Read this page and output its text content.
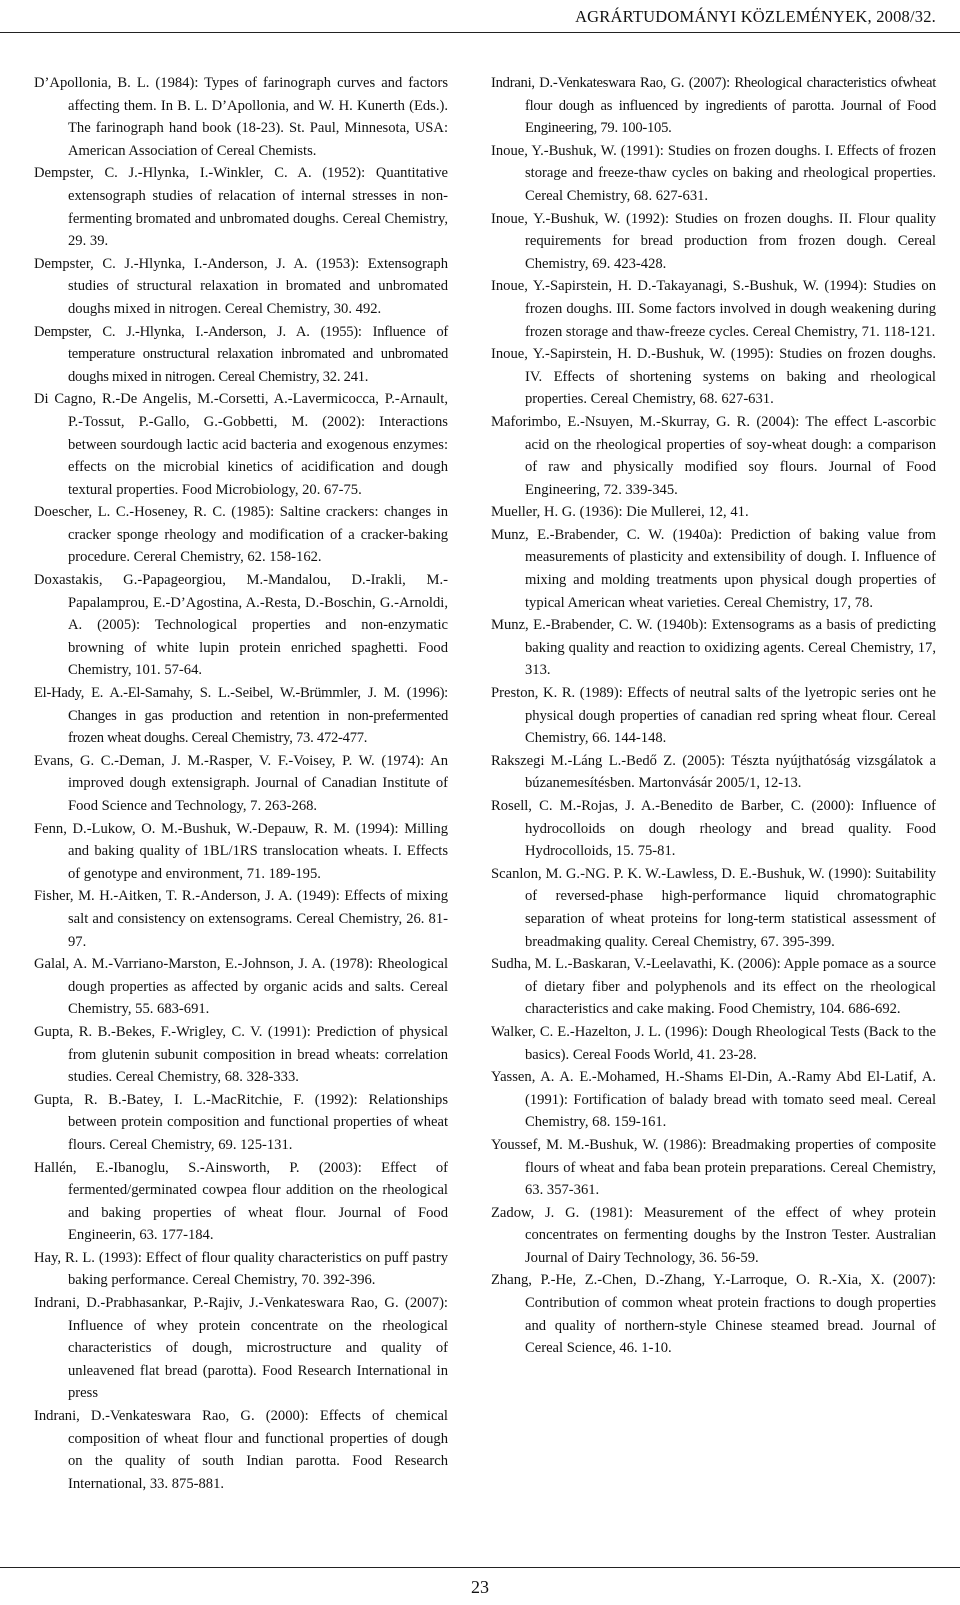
AGRÁRTUDOMÁNYI KÖZLEMÉNYEK, 2008/32.

D’Apollonia, B. L. (1984): Types of farinograph curves and factors affecting them. In B. L. D’Apollonia, and W. H. Kunerth (Eds.). The farinograph hand book (18-23). St. Paul, Minnesota, USA: American Association of Cereal Chemists.

Dempster, C. J.-Hlynka, I.-Winkler, C. A. (1952): Quantitative extensograph studies of relacation of internal stresses in non-fermenting bromated and unbromated doughs. Cereal Chemistry, 29. 39.

Dempster, C. J.-Hlynka, I.-Anderson, J. A. (1953): Extensograph studies of structural relaxation in bromated and unbromated doughs mixed in nitrogen. Cereal Chemistry, 30. 492.

Dempster, C. J.-Hlynka, I.-Anderson, J. A. (1955): Influence of temperature onstructural relaxation inbromated and unbromated doughs mixed in nitrogen. Cereal Chemistry, 32. 241.

Di Cagno, R.-De Angelis, M.-Corsetti, A.-Lavermicocca, P.-Arnault, P.-Tossut, P.-Gallo, G.-Gobbetti, M. (2002): Interactions between sourdough lactic acid bacteria and exogenous enzymes: effects on the microbial kinetics of acidification and dough textural properties. Food Microbiology, 20. 67-75.

Doescher, L. C.-Hoseney, R. C. (1985): Saltine crackers: changes in cracker sponge rheology and modification of a cracker-baking procedure. Cereral Chemistry, 62. 158-162.

Doxastakis, G.-Papageorgiou, M.-Mandalou, D.-Irakli, M.-Papalamprou, E.-D’Agostina, A.-Resta, D.-Boschin, G.-Arnoldi, A. (2005): Technological properties and non-enzymatic browning of white lupin protein enriched spaghetti. Food Chemistry, 101. 57-64.

El-Hady, E. A.-El-Samahy, S. L.-Seibel, W.-Brümmler, J. M. (1996): Changes in gas production and retention in non-prefermented frozen wheat doughs. Cereal Chemistry, 73. 472-477.

Evans, G. C.-Deman, J. M.-Rasper, V. F.-Voisey, P. W. (1974): An improved dough extensigraph. Journal of Canadian Institute of Food Science and Technology, 7. 263-268.

Fenn, D.-Lukow, O. M.-Bushuk, W.-Depauw, R. M. (1994): Milling and baking quality of 1BL/1RS translocation wheats. I. Effects of genotype and environment, 71. 189-195.

Fisher, M. H.-Aitken, T. R.-Anderson, J. A. (1949): Effects of mixing salt and consistency on extensograms. Cereal Chemistry, 26. 81-97.

Galal, A. M.-Varriano-Marston, E.-Johnson, J. A. (1978): Rheological dough properties as affected by organic acids and salts. Cereal Chemistry, 55. 683-691.

Gupta, R. B.-Bekes, F.-Wrigley, C. V. (1991): Prediction of physical from glutenin subunit composition in bread wheats: correlation studies. Cereal Chemistry, 68. 328-333.

Gupta, R. B.-Batey, I. L.-MacRitchie, F. (1992): Relationships between protein composition and functional properties of wheat flours. Cereal Chemistry, 69. 125-131.

Hallén, E.-Ibanoglu, S.-Ainsworth, P. (2003): Effect of fermented/germinated cowpea flour addition on the rheological and baking properties of wheat flour. Journal of Food Engineerin, 63. 177-184.

Hay, R. L. (1993): Effect of flour quality characteristics on puff pastry baking performance. Cereal Chemistry, 70. 392-396.

Indrani, D.-Prabhasankar, P.-Rajiv, J.-Venkateswara Rao, G. (2007): Influence of whey protein concentrate on the rheological characteristics of dough, microstructure and quality of unleavened flat bread (parotta). Food Research International in press

Indrani, D.-Venkateswara Rao, G. (2000): Effects of chemical composition of wheat flour and functional properties of dough on the quality of south Indian parotta. Food Research International, 33. 875-881.

Indrani, D.-Venkateswara Rao, G. (2007): Rheological characteristics ofwheat flour dough as influenced by ingredients of parotta. Journal of Food Engineering, 79. 100-105.

Inoue, Y.-Bushuk, W. (1991): Studies on frozen doughs. I. Effects of frozen storage and freeze-thaw cycles on baking and rheological properties. Cereal Chemistry, 68. 627-631.

Inoue, Y.-Bushuk, W. (1992): Studies on frozen doughs. II. Flour quality requirements for bread production from frozen dough. Cereal Chemistry, 69. 423-428.

Inoue, Y.-Sapirstein, H. D.-Takayanagi, S.-Bushuk, W. (1994): Studies on frozen doughs. III. Some factors involved in dough weakening during frozen storage and thaw-freeze cycles. Cereal Chemistry, 71. 118-121.

Inoue, Y.-Sapirstein, H. D.-Bushuk, W. (1995): Studies on frozen doughs. IV. Effects of shortening systems on baking and rheological properties. Cereal Chemistry, 68. 627-631.

Maforimbo, E.-Nsuyen, M.-Skurray, G. R. (2004): The effect L-ascorbic acid on the rheological properties of soy-wheat dough: a comparison of raw and physically modified soy flours. Journal of Food Engineering, 72. 339-345.

Mueller, H. G. (1936): Die Mullerei, 12, 41.

Munz, E.-Brabender, C. W. (1940a): Prediction of baking value from measurements of plasticity and extensibility of dough. I. Influence of mixing and molding treatments upon physical dough properties of typical American wheat varieties. Cereal Chemistry, 17, 78.

Munz, E.-Brabender, C. W. (1940b): Extensograms as a basis of predicting baking quality and reaction to oxidizing agents. Cereal Chemistry, 17, 313.

Preston, K. R. (1989): Effects of neutral salts of the lyetropic series ont he physical dough properties of canadian red spring wheat flour. Cereal Chemistry, 66. 144-148.

Rakszegi M.-Láng L.-Bedő Z. (2005): Tészta nyújthatóság vizsgálatok a búzanemesítésben. Martonvásár 2005/1, 12-13.

Rosell, C. M.-Rojas, J. A.-Benedito de Barber, C. (2000): Influence of hydrocolloids on dough rheology and bread quality. Food Hydrocolloids, 15. 75-81.

Scanlon, M. G.-NG. P. K. W.-Lawless, D. E.-Bushuk, W. (1990): Suitability of reversed-phase high-performance liquid chromatographic separation of wheat proteins for long-term statistical assessment of breadmaking quality. Cereal Chemistry, 67. 395-399.

Sudha, M. L.-Baskaran, V.-Leelavathi, K. (2006): Apple pomace as a source of dietary fiber and polyphenols and its effect on the rheological characteristics and cake making. Food Chemistry, 104. 686-692.

Walker, C. E.-Hazelton, J. L. (1996): Dough Rheological Tests (Back to the basics). Cereal Foods World, 41. 23-28.

Yassen, A. A. E.-Mohamed, H.-Shams El-Din, A.-Ramy Abd El-Latif, A. (1991): Fortification of balady bread with tomato seed meal. Cereal Chemistry, 68. 159-161.

Youssef, M. M.-Bushuk, W. (1986): Breadmaking properties of composite flours of wheat and faba bean protein preparations. Cereal Chemistry, 63. 357-361.

Zadow, J. G. (1981): Measurement of the effect of whey protein concentrates on fermenting doughs by the Instron Tester. Australian Journal of Dairy Technology, 36. 56-59.

Zhang, P.-He, Z.-Chen, D.-Zhang, Y.-Larroque, O. R.-Xia, X. (2007): Contribution of common wheat protein fractions to dough properties and quality of northern-style Chinese steamed bread. Journal of Cereal Science, 46. 1-10.

23
